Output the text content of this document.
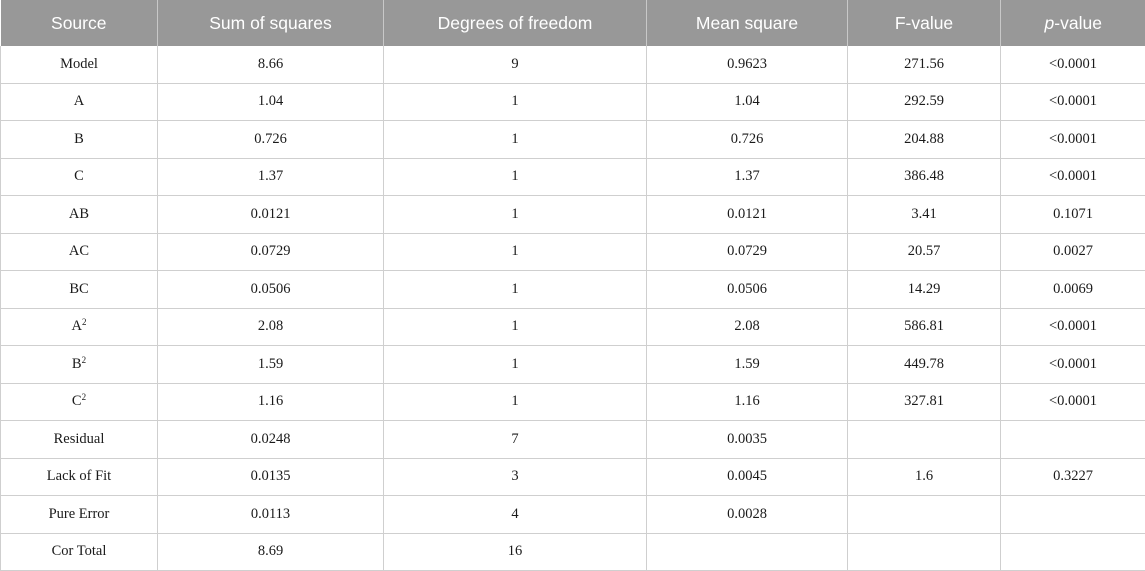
Source	Sum of squares	Degrees of freedom	Mean square	F-value	p-value
Model	8.66	9	0.9623	271.56	<0.0001
A	1.04	1	1.04	292.59	<0.0001
B	0.726	1	0.726	204.88	<0.0001
C	1.37	1	1.37	386.48	<0.0001
AB	0.0121	1	0.0121	3.41	0.1071
AC	0.0729	1	0.0729	20.57	0.0027
BC	0.0506	1	0.0506	14.29	0.0069
$A^2$	2.08	1	2.08	586.81	<0.0001
$B^2$	1.59	1	1.59	449.78	<0.0001
$C^2$	1.16	1	1.16	327.81	<0.0001
Residual	0.0248	7	0.0035		
Lack of Fit	0.0135	3	0.0045	1.6	0.3227
Pure Error	0.0113	4	0.0028		
Cor Total	8.69	16			
